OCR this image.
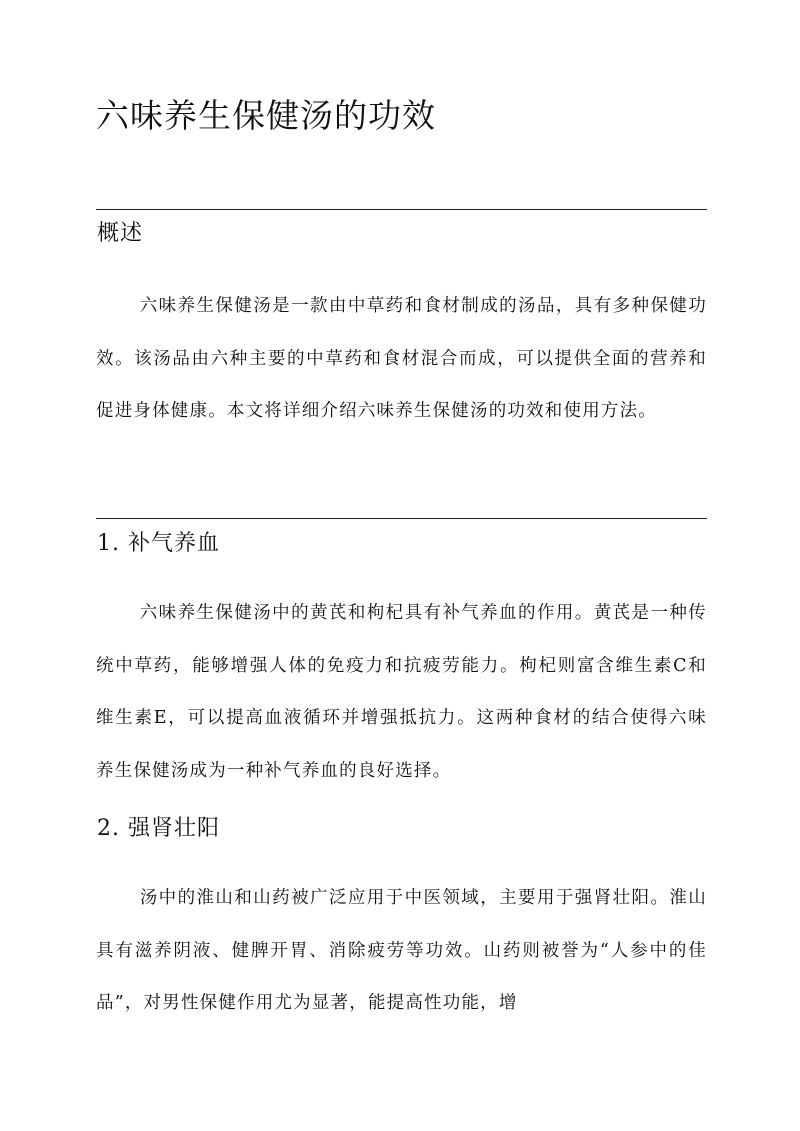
六味养生保健汤的功效
概述

六味养生保健汤是一款由中草药和食材制成的汤品，具有多种保健功效。该汤品由六种主要的中草药和食材混合而成，可以提供全面的营养和促进身体健康。本文将详细介绍六味养生保健汤的功效和使用方法。

1. 补气养血

六味养生保健汤中的黄芪和枸杞具有补气养血的作用。黄芪是一种传统中草药，能够增强人体的免疫力和抗疲劳能力。枸杞则富含维生素C和维生素E，可以提高血液循环并增强抵抗力。这两种食材的结合使得六味养生保健汤成为一种补气养血的良好选择。

2. 强肾壮阳

汤中的淮山和山药被广泛应用于中医领域，主要用于强肾壮阳。淮山具有滋养阴液、健脾开胃、消除疲劳等功效。山药则被誉为“人参中的佳品”，对男性保健作用尤为显著，能提高性功能，增
